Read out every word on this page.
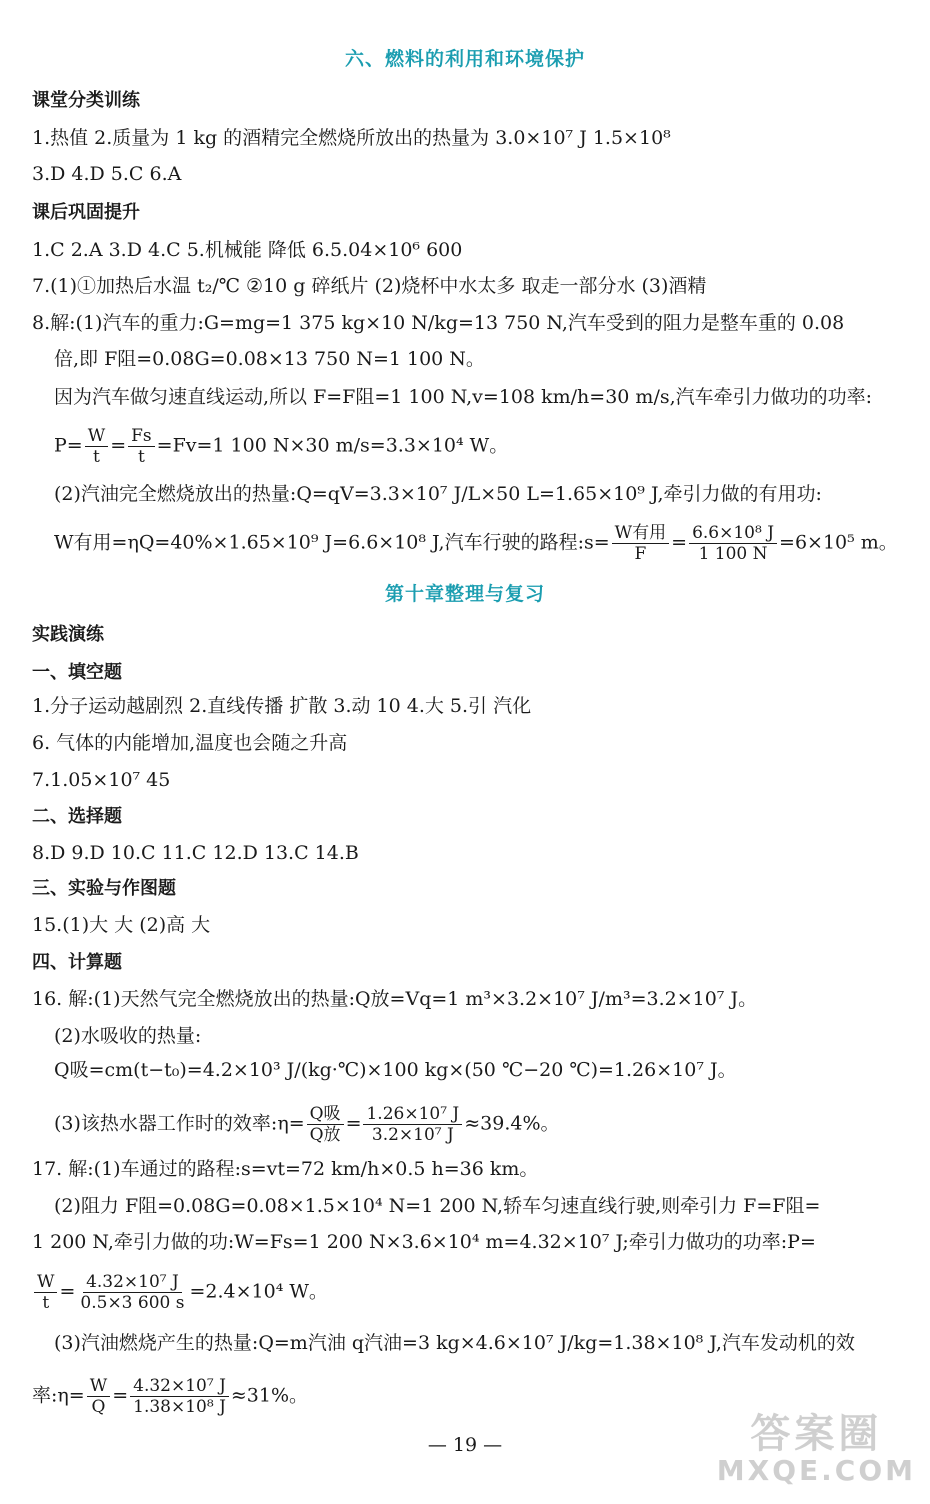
六、燃料的利用和环境保护
课堂分类训练
1.热值 2.质量为 1 kg 的酒精完全燃烧所放出的热量为 3.0×10⁷ J 1.5×10⁸
3.D 4.D 5.C 6.A
课后巩固提升
1.C 2.A 3.D 4.C 5.机械能 降低 6.5.04×10⁶ 600
7.(1)①加热后水温 t₂/℃ ②10 g 碎纸片 (2)烧杯中水太多 取走一部分水 (3)酒精
8.解:(1)汽车的重力:G=mg=1 375 kg×10 N/kg=13 750 N,汽车受到的阻力是整车重的 0.08
倍,即 F阻=0.08G=0.08×13 750 N=1 100 N。
因为汽车做匀速直线运动,所以 F=F阻=1 100 N,v=108 km/h=30 m/s,汽车牵引力做功的功率:
$P= \frac{W}{t} = \frac{Fs}{t} =Fv=1$ 100 N×30 m/s=3.3×10⁴ W。
(2)汽油完全燃烧放出的热量:Q=qV=3.3×10⁷ J/L×50 L=1.65×10⁹ J,牵引力做的有用功:
W有用=ηQ=40%×1.65×10⁹ J=6.6×10⁸ J,汽车行驶的路程:s= $\frac{\text{W有用}}{F} = \frac{\text{6.6×10⁸ J}}{1 100 N} =6\times 10^5$ m。
第十章整理与复习
实践演练
一、填空题
1.分子运动越剧烈 2.直线传播 扩散 3.动 10 4.大 5.引 汽化
6. 气体的内能增加,温度也会随之升高
7.1.05×10⁷ 45
二、选择题
8.D 9.D 10.C 11.C 12.D 13.C 14.B
三、实验与作图题
15.(1)大 大 (2)高 大
四、计算题
16. 解:(1)天然气完全燃烧放出的热量:Q放=Vq=1 m³×3.2×10⁷ J/m³=3.2×10⁷ J。
(2)水吸收的热量:
Q吸=cm(t−t₀)=4.2×10³ J/(kg·℃)×100 kg×(50 ℃−20 ℃)=1.26×10⁷ J。
(3)该热水器工作时的效率:η= $\frac{\text{Q吸}}{\text{Q放}} = \frac{\text{1.26×10⁷ J}}{\text{3.2×10⁷ J}} \approx 39.4\%$。
17. 解:(1)车通过的路程:s=vt=72 km/h×0.5 h=36 km。
(2)阻力 F阻=0.08G=0.08×1.5×10⁴ N=1 200 N,轿车匀速直线行驶,则牵引力 F=F阻=
1 200 N,牵引力做的功:W=Fs=1 200 N×3.6×10⁴ m=4.32×10⁷ J;牵引力做功的功率:P=
$\frac{W}{t} = \frac{\text{4.32×10⁷ J}}{0.5\times 3 600 s} =2.4\times 10^4$ W。
(3)汽油燃烧产生的热量:Q=m汽油 q汽油=3 kg×4.6×10⁷ J/kg=1.38×10⁸ J,汽车发动机的效
率:η= $\frac{W}{Q} = \frac{\text{4.32×10⁷ J}}{\text{1.38×10⁸ J}} \approx 31\%$。
— 19 —	答案圈
MXQE.COM
